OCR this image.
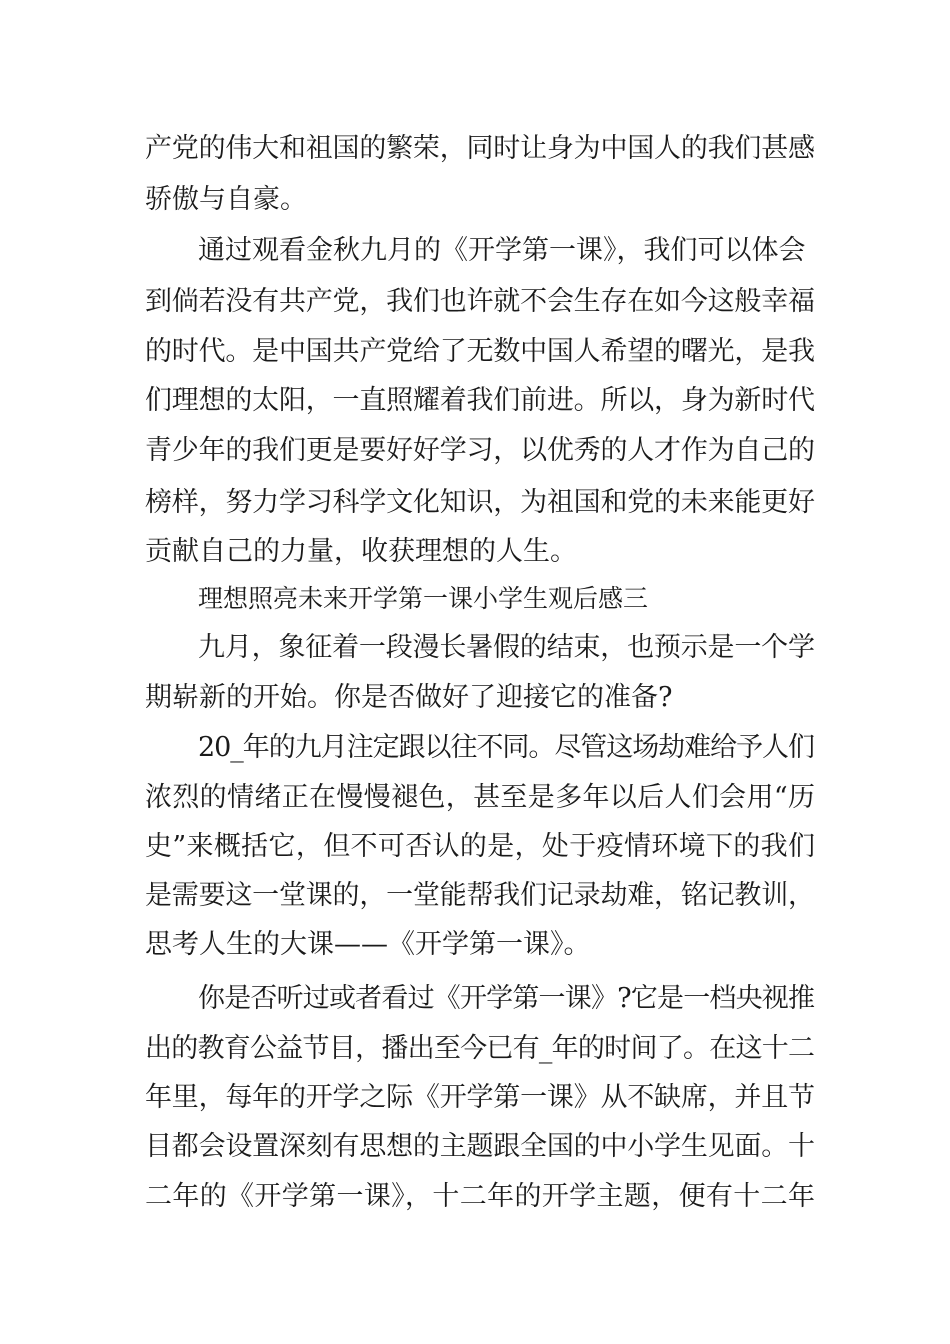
产党的伟大和祖国的繁荣，同时让身为中国人的我们甚感
骄傲与自豪。
通过观看金秋九月的《开学第一课》，我们可以体会
到倘若没有共产党，我们也许就不会生存在如今这般幸福
的时代。是中国共产党给了无数中国人希望的曙光，是我
们理想的太阳，一直照耀着我们前进。所以，身为新时代
青少年的我们更是要好好学习，以优秀的人才作为自己的
榜样，努力学习科学文化知识，为祖国和党的未来能更好
贡献自己的力量，收获理想的人生。
理想照亮未来开学第一课小学生观后感三
九月，象征着一段漫长暑假的结束，也预示是一个学
期崭新的开始。你是否做好了迎接它的准备?
20_年的九月注定跟以往不同。尽管这场劫难给予人们
浓烈的情绪正在慢慢褪色，甚至是多年以后人们会用“历
史”来概括它，但不可否认的是，处于疫情环境下的我们
是需要这一堂课的，一堂能帮我们记录劫难，铭记教训，
思考人生的大课——《开学第一课》。
你是否听过或者看过《开学第一课》?它是一档央视推
出的教育公益节目，播出至今已有_年的时间了。在这十二
年里，每年的开学之际《开学第一课》从不缺席，并且节
目都会设置深刻有思想的主题跟全国的中小学生见面。十
二年的《开学第一课》，十二年的开学主题，便有十二年
